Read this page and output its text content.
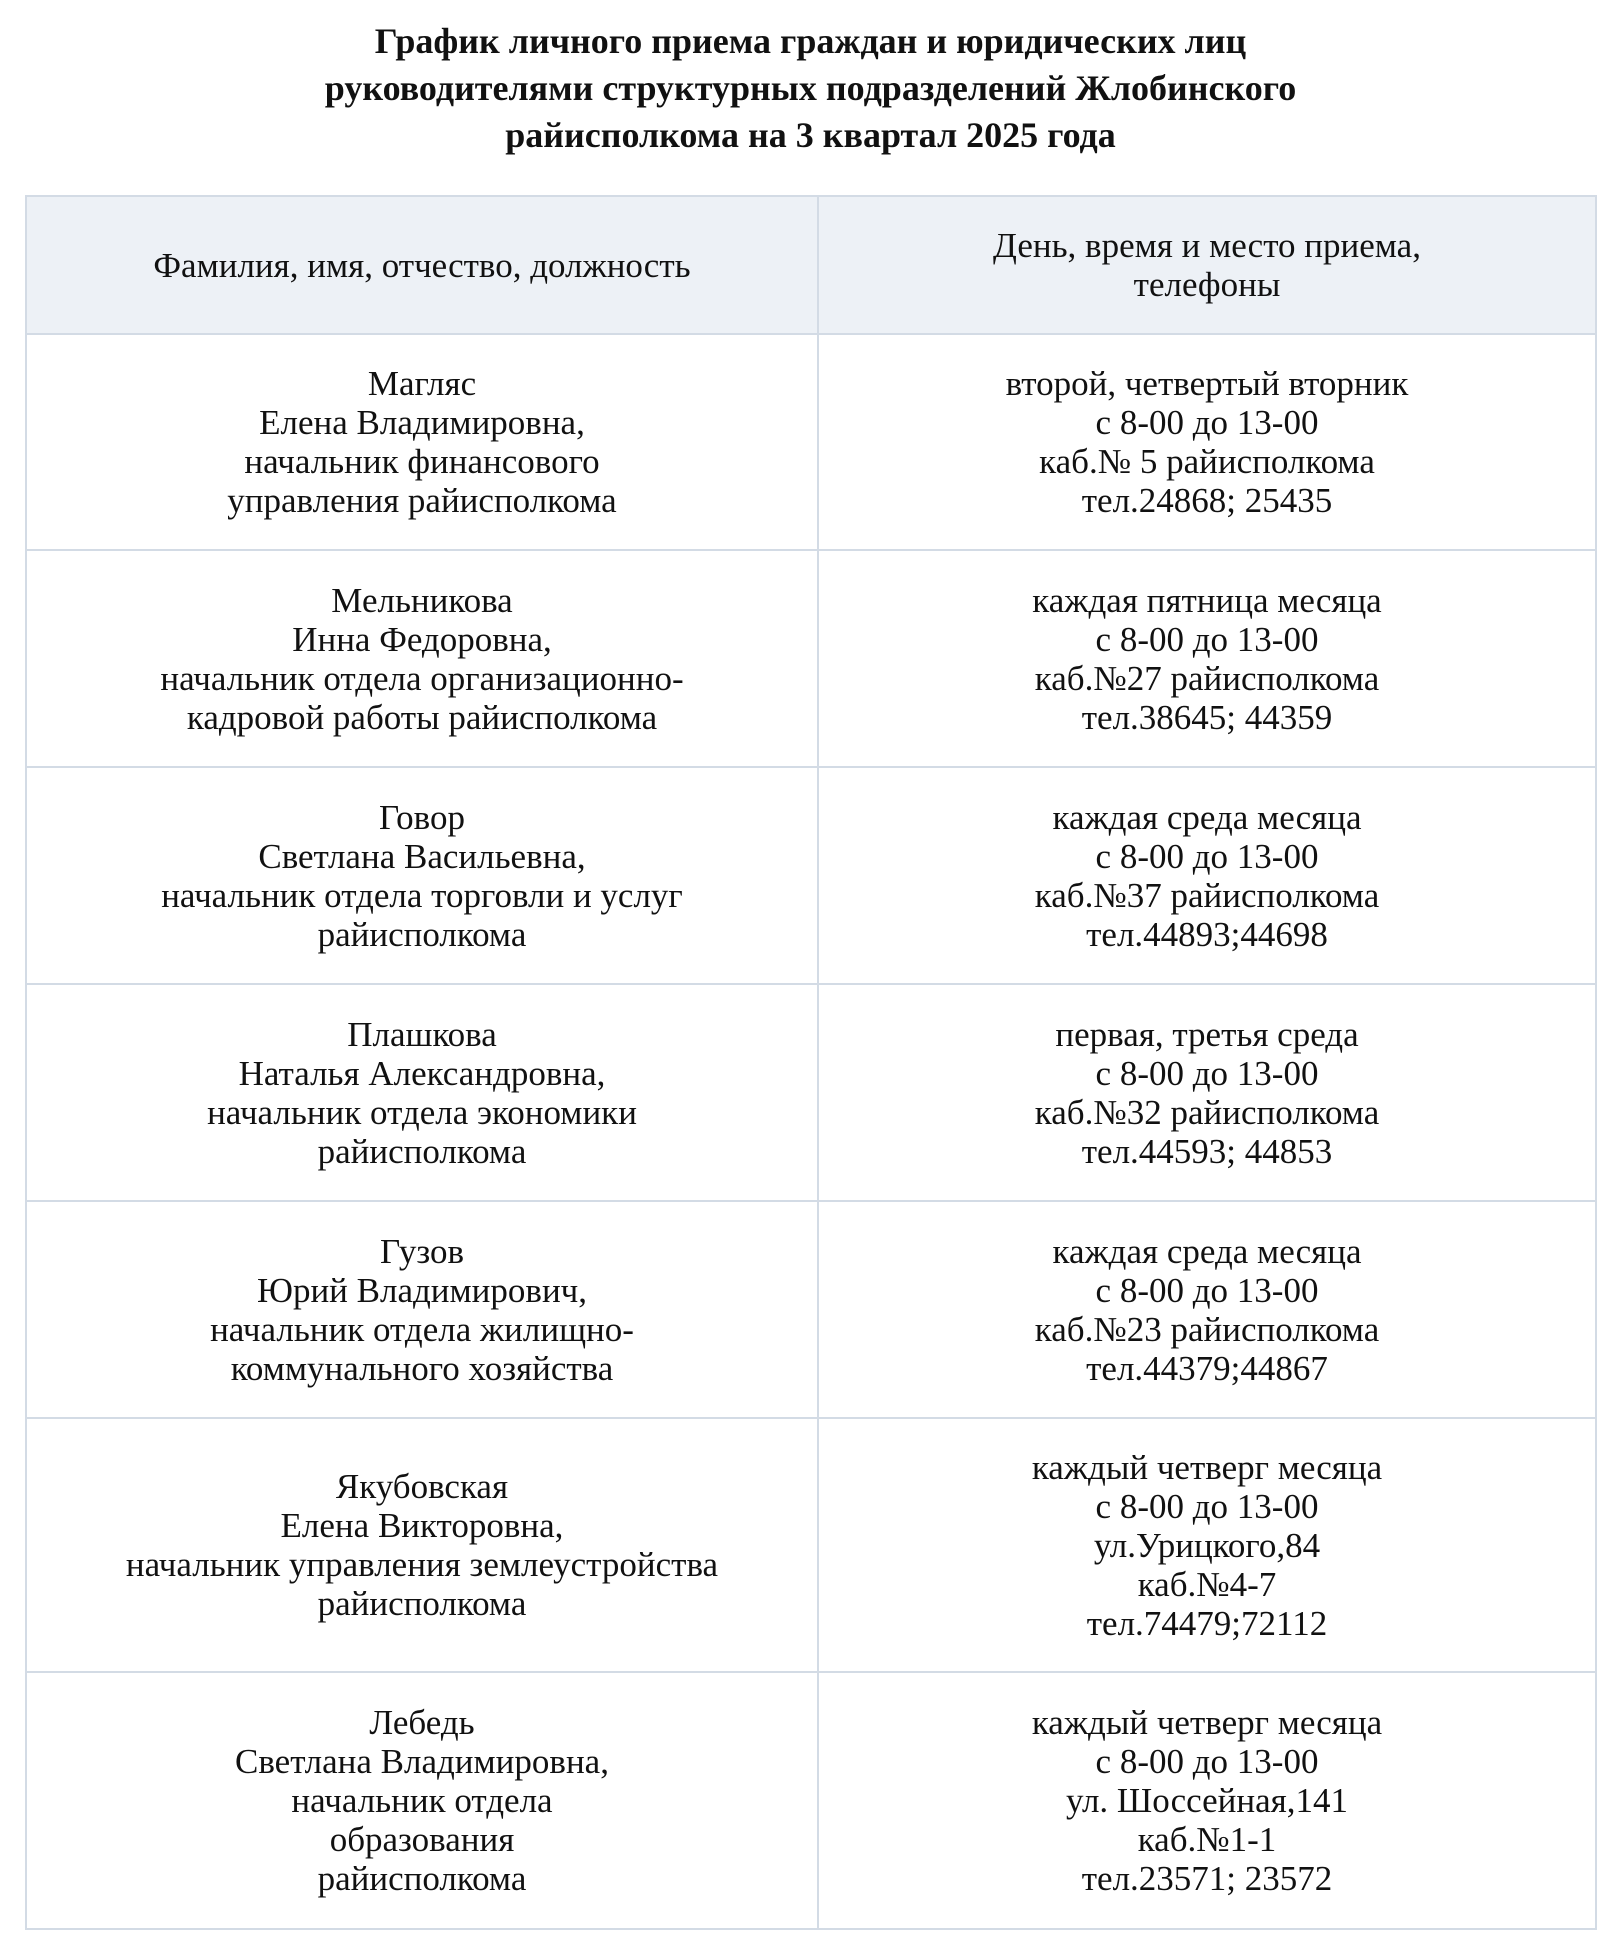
График личного приема граждан и юридических лиц
руководителями структурных подразделений Жлобинского
райисполкома на 3 квартал 2025 года
Фамилия, имя, отчество, должность	День, время и место приема,
телефоны

Магляс
Елена Владимировна,
начальник финансового
управления райисполкома	второй, четвертый вторник
с 8-00 до 13-00
каб.№ 5 райисполкома
тел.24868; 25435

Мельникова
Инна Федоровна,
начальник отдела организационно-
кадровой работы райисполкома	каждая пятница месяца
с 8-00 до 13-00
каб.№27 райисполкома
тел.38645; 44359

Говор
Светлана Васильевна,
начальник отдела торговли и услуг
райисполкома	каждая среда месяца
с 8-00 до 13-00
каб.№37 райисполкома
тел.44893;44698

Плашкова
Наталья Александровна,
начальник отдела экономики
райисполкома	первая, третья среда
с 8-00 до 13-00
каб.№32 райисполкома
тел.44593; 44853

Гузов
Юрий Владимирович,
начальник отдела жилищно-
коммунального хозяйства	каждая среда месяца
с 8-00 до 13-00
каб.№23 райисполкома
тел.44379;44867

Якубовская
Елена Викторовна,
начальник управления землеустройства
райисполкома	каждый четверг месяца
с 8-00 до 13-00
ул.Урицкого,84
каб.№4-7
тел.74479;72112

Лебедь
Светлана Владимировна,
начальник отдела
образования
райисполкома	каждый четверг месяца
с 8-00 до 13-00
ул. Шоссейная,141
каб.№1-1
тел.23571; 23572
